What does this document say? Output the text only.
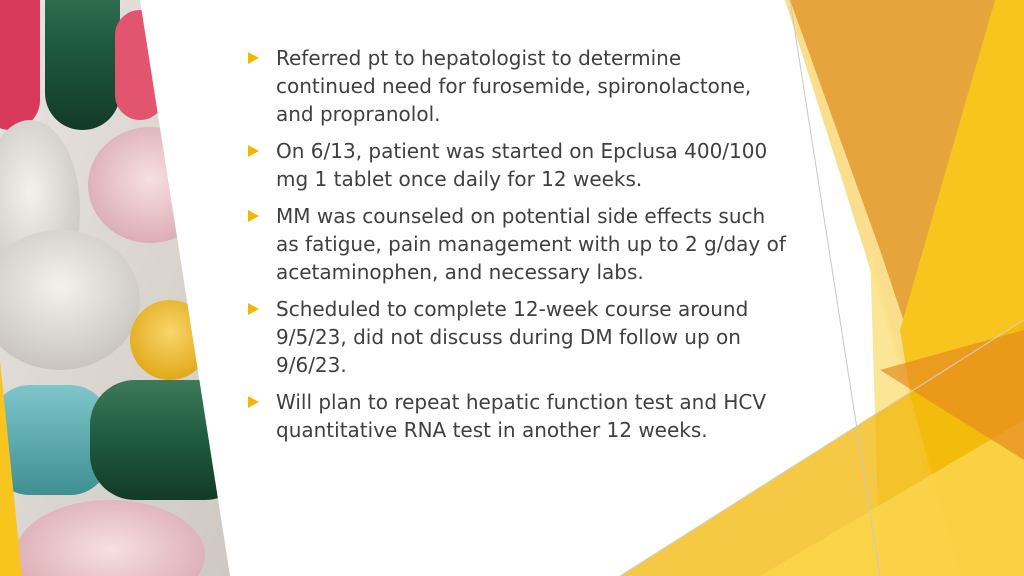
Referred pt to hepatologist to determine continued need for furosemide, spironolactone, and propranolol.
On 6/13, patient was started on Epclusa 400/100 mg 1 tablet once daily for 12 weeks.
MM was counseled on potential side effects such as fatigue, pain management with up to 2 g/day of acetaminophen, and necessary labs.
Scheduled to complete 12-week course around 9/5/23, did not discuss during DM follow up on 9/6/23.
Will plan to repeat hepatic function test and HCV quantitative RNA test in another 12 weeks.
